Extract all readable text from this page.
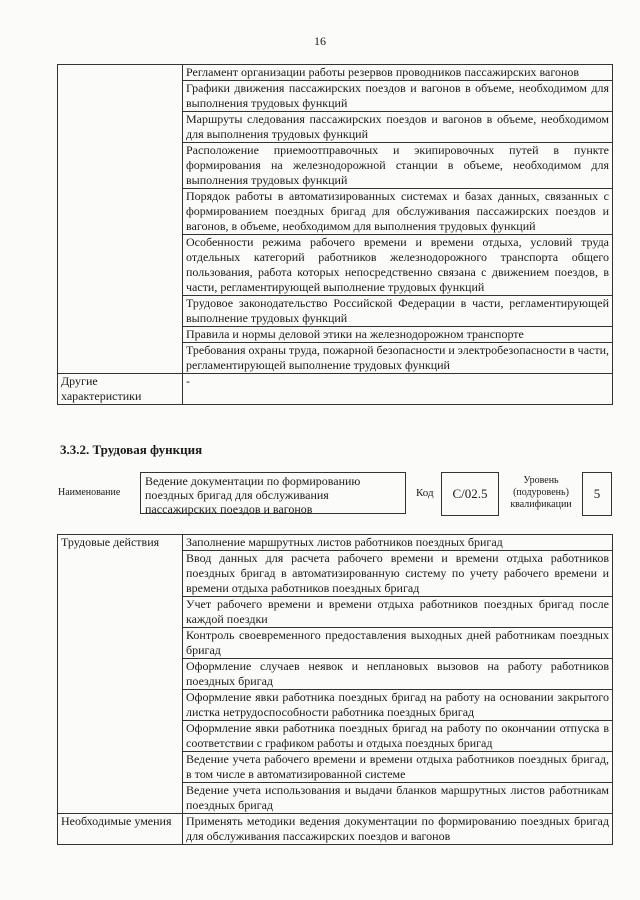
16
	Регламент организации работы резервов проводников пассажирских вагонов
	Графики движения пассажирских поездов и вагонов в объеме, необходимом для выполнения трудовых функций
	Маршруты следования пассажирских поездов и вагонов в объеме, необходимом для выполнения трудовых функций
	Расположение приемоотправочных и экипировочных путей в пункте формирования на железнодорожной станции в объеме, необходимом для выполнения трудовых функций
	Порядок работы в автоматизированных системах и базах данных, связанных с формированием поездных бригад для обслуживания пассажирских поездов и вагонов, в объеме, необходимом для выполнения трудовых функций
	Особенности режима рабочего времени и времени отдыха, условий труда отдельных категорий работников железнодорожного транспорта общего пользования, работа которых непосредственно связана с движением поездов, в части, регламентирующей выполнение трудовых функций
	Трудовое законодательство Российской Федерации в части, регламентирующей выполнение трудовых функций
	Правила и нормы деловой этики на железнодорожном транспорте
	Требования охраны труда, пожарной безопасности и электробезопасности в части, регламентирующей выполнение трудовых функций
Другие характеристики	-
3.3.2. Трудовая функция
Наименование
Ведение документации по формированию поездных бригад для обслуживания пассажирских поездов и вагонов
Код	С/02.5
Уровень (подуровень) квалификации
5
Трудовые действия	Заполнение маршрутных листов работников поездных бригад
	Ввод данных для расчета рабочего времени и времени отдыха работников поездных бригад в автоматизированную систему по учету рабочего времени и времени отдыха работников поездных бригад
	Учет рабочего времени и времени отдыха работников поездных бригад после каждой поездки
	Контроль своевременного предоставления выходных дней работникам поездных бригад
	Оформление случаев неявок и неплановых вызовов на работу работников поездных бригад
	Оформление явки работника поездных бригад на работу на основании закрытого листка нетрудоспособности работника поездных бригад
	Оформление явки работника поездных бригад на работу по окончании отпуска в соответствии с графиком работы и отдыха поездных бригад
	Ведение учета рабочего времени и времени отдыха работников поездных бригад, в том числе в автоматизированной системе
	Ведение учета использования и выдачи бланков маршрутных листов работникам поездных бригад
Необходимые умения	Применять методики ведения документации по формированию поездных бригад для обслуживания пассажирских поездов и вагонов
